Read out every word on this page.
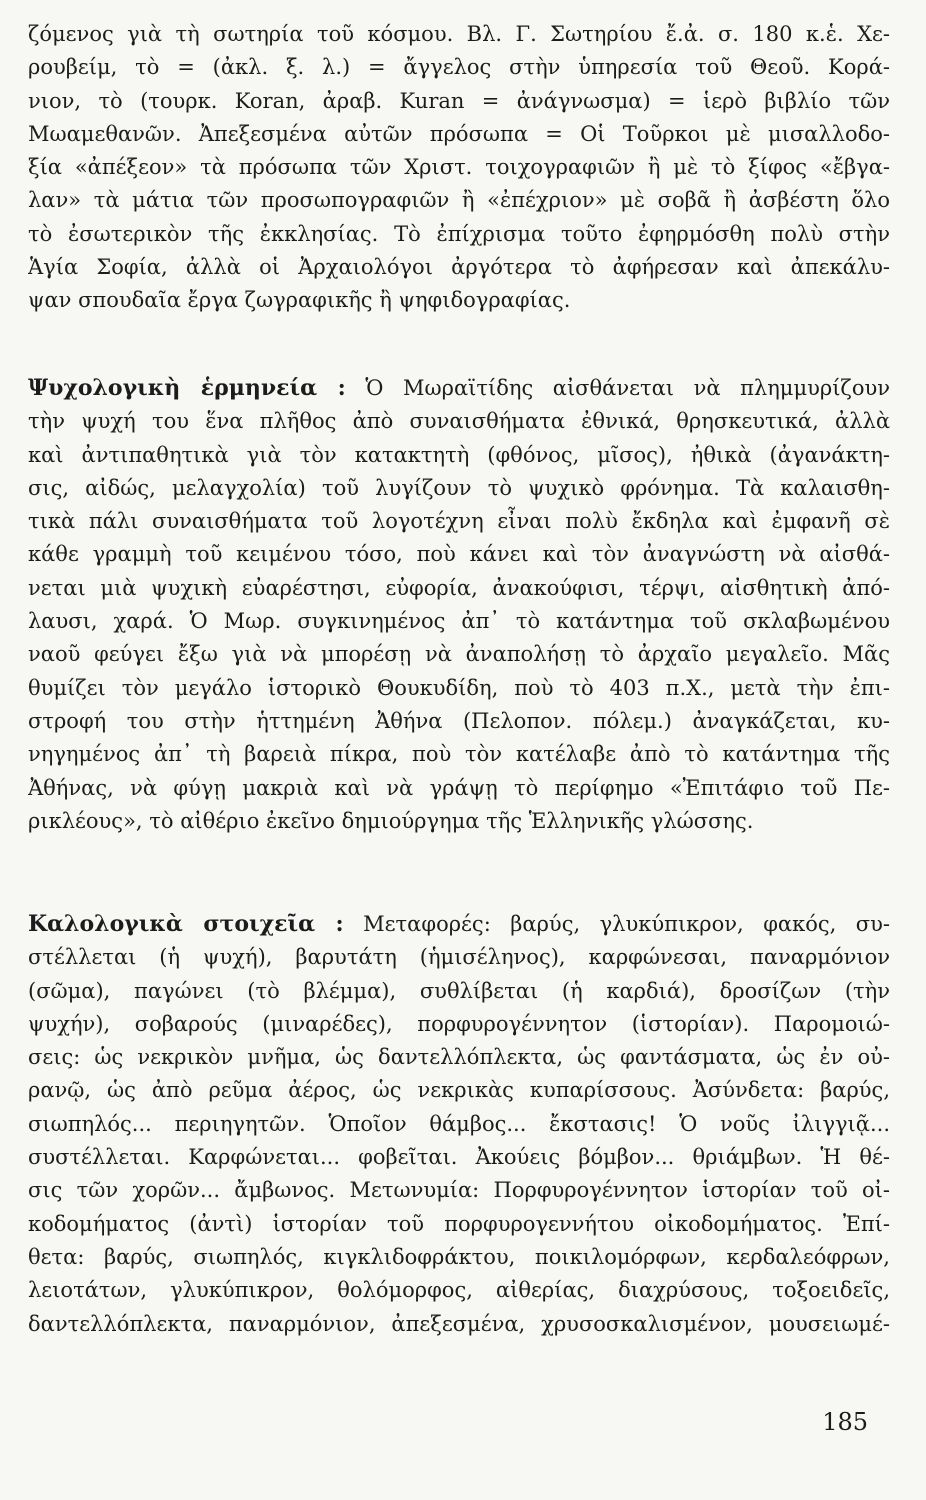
ζόμενος γιὰ τὴ σωτηρία τοῦ κόσμου. Βλ. Γ. Σωτηρίου ἔ.ἀ. σ. 180 κ.ἑ. Χε-
ρουβείμ, τὸ = (ἀκλ. ξ. λ.) = ἄγγελος στὴν ὑπηρεσία τοῦ Θεοῦ. Κορά-
νιον, τὸ (τουρκ. Koran, ἀραβ. Kuran = ἀνάγνωσμα) = ἱερὸ βιβλίο τῶν
Μωαμεθανῶν. Ἀπεξεσμένα αὐτῶν πρόσωπα = Οἱ Τοῦρκοι μὲ μισαλλοδο-
ξία «ἀπέξεον» τὰ πρόσωπα τῶν Χριστ. τοιχογραφιῶν ἢ μὲ τὸ ξίφος «ἔβγα-
λαν» τὰ μάτια τῶν προσωπογραφιῶν ἢ «ἐπέχριον» μὲ σοβᾶ ἢ ἀσβέστη ὅλο
τὸ ἐσωτερικὸν τῆς ἐκκλησίας. Τὸ ἐπίχρισμα τοῦτο ἐφηρμόσθη πολὺ στὴν
Ἁγία Σοφία, ἀλλὰ οἱ Ἀρχαιολόγοι ἀργότερα τὸ ἀφήρεσαν καὶ ἀπεκάλυ-
ψαν σπουδαῖα ἔργα ζωγραφικῆς ἢ ψηφιδογραφίας.
Ψυχολογικὴ ἑρμηνεία : Ὁ Μωραϊτίδης αἰσθάνεται νὰ πλημμυρίζουν
τὴν ψυχή του ἕνα πλῆθος ἀπὸ συναισθήματα ἐθνικά, θρησκευτικά, ἀλλὰ
καὶ ἀντιπαθητικὰ γιὰ τὸν κατακτητὴ (φθόνος, μῖσος), ἠθικὰ (ἀγανάκτη-
σις, αἰδώς, μελαγχολία) τοῦ λυγίζουν τὸ ψυχικὸ φρόνημα. Τὰ καλαισθη-
τικὰ πάλι συναισθήματα τοῦ λογοτέχνη εἶναι πολὺ ἔκδηλα καὶ ἐμφανῆ σὲ
κάθε γραμμὴ τοῦ κειμένου τόσο, ποὺ κάνει καὶ τὸν ἀναγνώστη νὰ αἰσθά-
νεται μιὰ ψυχικὴ εὐαρέστησι, εὐφορία, ἀνακούφισι, τέρψι, αἰσθητικὴ ἀπό-
λαυσι, χαρά. Ὁ Μωρ. συγκινημένος ἀπ᾽ τὸ κατάντημα τοῦ σκλαβωμένου
ναοῦ φεύγει ἔξω γιὰ νὰ μπορέσῃ νὰ ἀναπολήσῃ τὸ ἀρχαῖο μεγαλεῖο. Μᾶς
θυμίζει τὸν μεγάλο ἱστορικὸ Θουκυδίδη, ποὺ τὸ 403 π.Χ., μετὰ τὴν ἐπι-
στροφή του στὴν ἡττημένη Ἀθήνα (Πελοπον. πόλεμ.) ἀναγκάζεται, κυ-
νηγημένος ἀπ᾽ τὴ βαρειὰ πίκρα, ποὺ τὸν κατέλαβε ἀπὸ τὸ κατάντημα τῆς
Ἀθήνας, νὰ φύγῃ μακριὰ καὶ νὰ γράψῃ τὸ περίφημο «Ἐπιτάφιο τοῦ Πε-
ρικλέους», τὸ αἰθέριο ἐκεῖνο δημιούργημα τῆς Ἑλληνικῆς γλώσσης.
Καλολογικὰ στοιχεῖα : Μεταφορές: βαρύς, γλυκύπικρον, φακός, συ-
στέλλεται (ἡ ψυχή), βαρυτάτη (ἡμισέληνος), καρφώνεσαι, παναρμόνιον
(σῶμα), παγώνει (τὸ βλέμμα), συθλίβεται (ἡ καρδιά), δροσίζων (τὴν
ψυχήν), σοβαρούς (μιναρέδες), πορφυρογέννητον (ἱστορίαν). Παρομοιώ-
σεις: ὡς νεκρικὸν μνῆμα, ὡς δαντελλόπλεκτα, ὡς φαντάσματα, ὡς ἐν οὐ-
ρανῷ, ὡς ἀπὸ ρεῦμα ἀέρος, ὡς νεκρικὰς κυπαρίσσους. Ἀσύνδετα: βαρύς,
σιωπηλός... περιηγητῶν. Ὁποῖον θάμβος... ἔκστασις! Ὁ νοῦς ἰλιγγιᾷ...
συστέλλεται. Καρφώνεται... φοβεῖται. Ἀκούεις βόμβον... θριάμβων. Ἡ θέ-
σις τῶν χορῶν... ἄμβωνος. Μετωνυμία: Πορφυρογέννητον ἱστορίαν τοῦ οἰ-
κοδομήματος (ἀντὶ) ἱστορίαν τοῦ πορφυρογεννήτου οἰκοδομήματος. Ἐπί-
θετα: βαρύς, σιωπηλός, κιγκλιδοφράκτου, ποικιλομόρφων, κερδαλεόφρων,
λειοτάτων, γλυκύπικρον, θολόμορφος, αἰθερίας, διαχρύσους, τοξοειδεῖς,
δαντελλόπλεκτα, παναρμόνιον, ἀπεξεσμένα, χρυσοσκαλισμένον, μουσειωμέ-
185
